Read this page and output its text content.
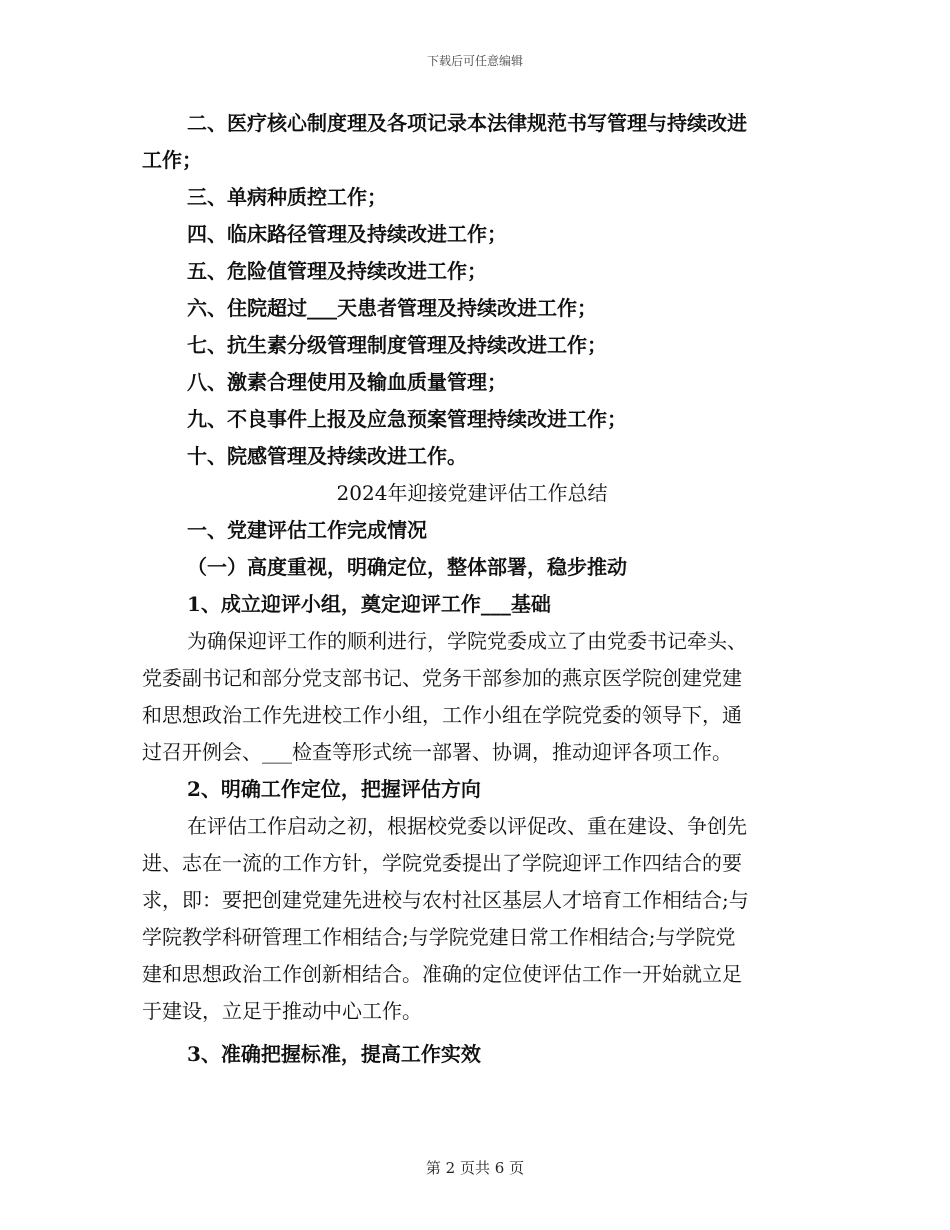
下载后可任意编辑

二、医疗核心制度理及各项记录本法律规范书写管理与持续改进

工作；

三、单病种质控工作；

四、临床路径管理及持续改进工作；

五、危险值管理及持续改进工作；

六、住院超过___天患者管理及持续改进工作；

七、抗生素分级管理制度管理及持续改进工作；

八、激素合理使用及输血质量管理；

九、不良事件上报及应急预案管理持续改进工作；

十、院感管理及持续改进工作。

2024年迎接党建评估工作总结

一、党建评估工作完成情况

（一）高度重视，明确定位，整体部署，稳步推动

1、成立迎评小组，奠定迎评工作___基础

为确保迎评工作的顺利进行，学院党委成立了由党委书记牵头、

党委副书记和部分党支部书记、党务干部参加的燕京医学院创建党建

和思想政治工作先进校工作小组，工作小组在学院党委的领导下，通

过召开例会、___检查等形式统一部署、协调，推动迎评各项工作。

2、明确工作定位，把握评估方向

在评估工作启动之初，根据校党委以评促改、重在建设、争创先

进、志在一流的工作方针，学院党委提出了学院迎评工作四结合的要

求，即：要把创建党建先进校与农村社区基层人才培育工作相结合;与

学院教学科研管理工作相结合;与学院党建日常工作相结合;与学院党

建和思想政治工作创新相结合。准确的定位使评估工作一开始就立足

于建设，立足于推动中心工作。

3、准确把握标准，提高工作实效

第 2 页共 6 页
